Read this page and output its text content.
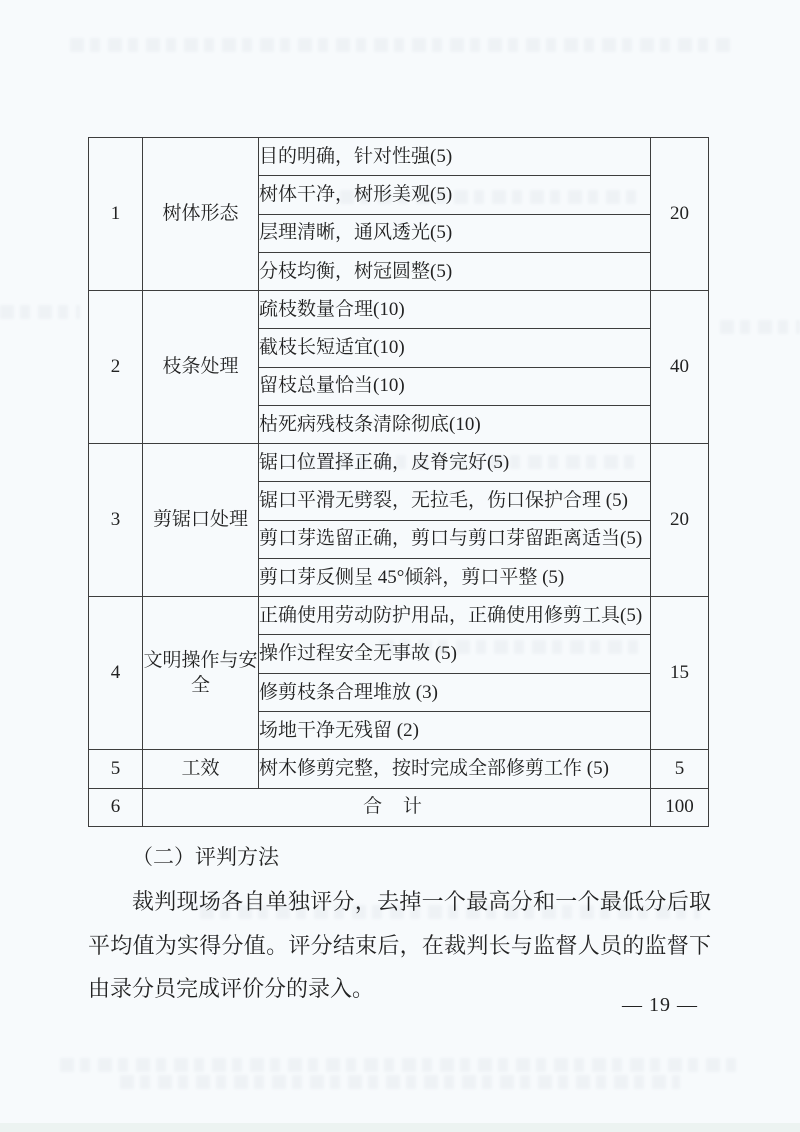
1	树体形态	目的明确，针对性强(5)	20
		树体干净，树形美观(5)	
		层理清晰，通风透光(5)	
		分枝均衡，树冠圆整(5)	
2	枝条处理	疏枝数量合理(10)	40
		截枝长短适宜(10)	
		留枝总量恰当(10)	
		枯死病残枝条清除彻底(10)	
3	剪锯口处理	锯口位置择正确，皮脊完好(5)	20
		锯口平滑无劈裂，无拉毛，伤口保护合理 (5)	
		剪口芽选留正确，剪口与剪口芽留距离适当(5)	
		剪口芽反侧呈 45°倾斜，剪口平整 (5)	
4	文明操作与安全	正确使用劳动防护用品，正确使用修剪工具(5)	15
		操作过程安全无事故 (5)	
		修剪枝条合理堆放 (3)	
		场地干净无残留 (2)	
5	工效	树木修剪完整，按时完成全部修剪工作 (5)	5
6	合 计		100
（二）评判方法

裁判现场各自单独评分，去掉一个最高分和一个最低分后取平均值为实得分值。评分结束后，在裁判长与监督人员的监督下由录分员完成评价分的录入。

— 19 —
